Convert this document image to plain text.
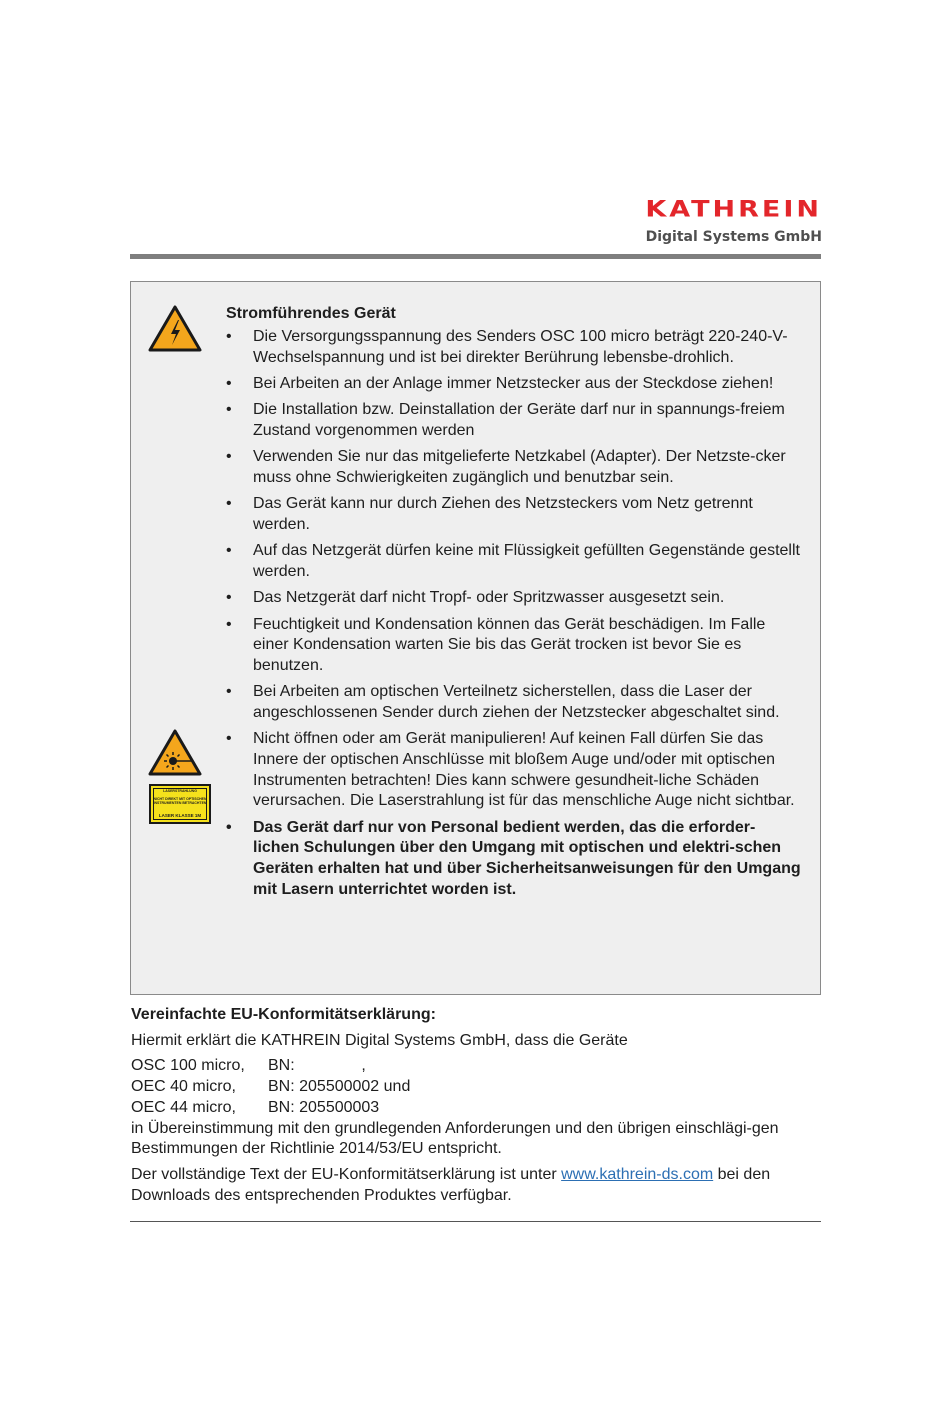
KATHREIN
Digital Systems GmbH
Stromführendes Gerät
• Die Versorgungsspannung des Senders OSC 100 micro beträgt 220-240-V-Wechselspannung und ist bei direkter Berührung lebensbe-drohlich.
• Bei Arbeiten an der Anlage immer Netzstecker aus der Steckdose ziehen!
• Die Installation bzw. Deinstallation der Geräte darf nur in spannungs-freiem Zustand vorgenommen werden
• Verwenden Sie nur das mitgelieferte Netzkabel (Adapter). Der Netzste-cker muss ohne Schwierigkeiten zugänglich und benutzbar sein.
• Das Gerät kann nur durch Ziehen des Netzsteckers vom Netz getrennt werden.
• Auf das Netzgerät dürfen keine mit Flüssigkeit gefüllten Gegenstände gestellt werden.
• Das Netzgerät darf nicht Tropf- oder Spritzwasser ausgesetzt sein.
• Feuchtigkeit und Kondensation können das Gerät beschädigen. Im Falle einer Kondensation warten Sie bis das Gerät trocken ist bevor Sie es benutzen.
• Bei Arbeiten am optischen Verteilnetz sicherstellen, dass die Laser der angeschlossenen Sender durch ziehen der Netzstecker abgeschaltet sind.
• Nicht öffnen oder am Gerät manipulieren! Auf keinen Fall dürfen Sie das Innere der optischen Anschlüsse mit bloßem Auge und/oder mit optischen Instrumenten betrachten! Dies kann schwere gesundheit-liche Schäden verursachen. Die Laserstrahlung ist für das menschliche Auge nicht sichtbar.
• Das Gerät darf nur von Personal bedient werden, das die erforder-lichen Schulungen über den Umgang mit optischen und elektri-schen Geräten erhalten hat und über Sicherheitsanweisungen für den Umgang mit Lasern unterrichtet worden ist.
LASERSTRAHLUNG
NICHT DIREKT MIT OPTISCHEN INSTRUMENTEN BETRACHTEN
LASER KLASSE 1M
Vereinfachte EU-Konformitätserklärung:

Hiermit erklärt die KATHREIN Digital Systems GmbH, dass die Geräte

OSC 100 micro,	BN:               ,
OEC 40 micro,	BN: 205500002 und
OEC 44 micro,	BN: 205500003

in Übereinstimmung mit den grundlegenden Anforderungen und den übrigen einschlägi-gen Bestimmungen der Richtlinie 2014/53/EU entspricht.

Der vollständige Text der EU-Konformitätserklärung ist unter www.kathrein-ds.com bei den Downloads des entsprechenden Produktes verfügbar.
